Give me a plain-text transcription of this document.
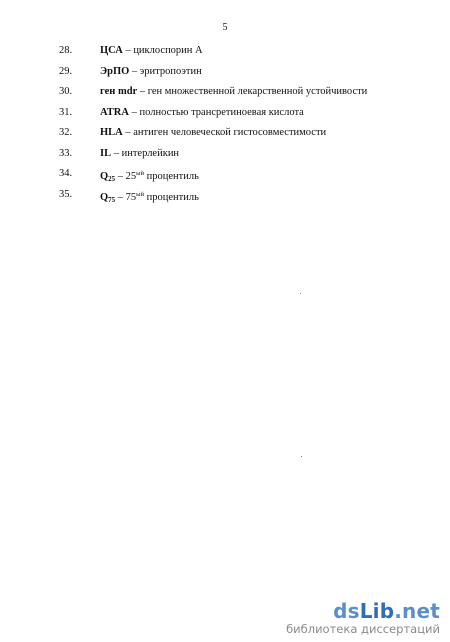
5
28.	ЦСА – циклоспорин А
29.	ЭрПО – эритропоэтин
30.	ген mdr – ген множественной лекарственной устойчивости
31.	ATRA – полностью трансретиноевая кислота
32.	HLA – антиген человеческой гистосовместимости
33.	IL – интерлейкин
34.	$Q25 - 25^{ый}$ процентиль
35.	$Q75 - 75^{ый}$ процентиль
dsLib.net
библиотека диссертаций
